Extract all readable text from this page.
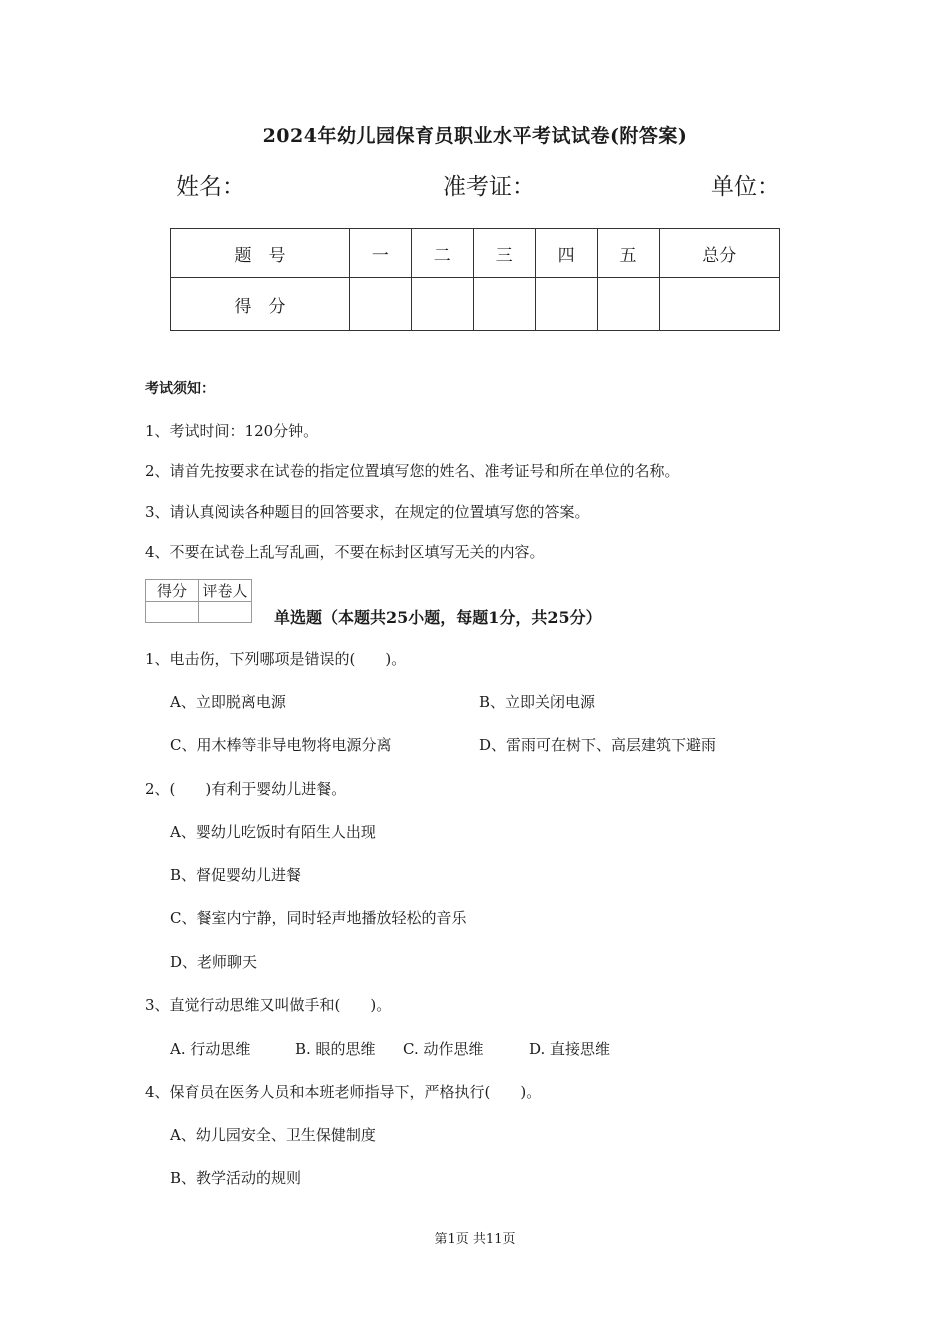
2024年幼儿园保育员职业水平考试试卷(附答案)
姓名：	准考证：	单位：
题　号	一	二	三	四	五	总分
得　分						
考试须知：
1、考试时间：120分钟。
2、请首先按要求在试卷的指定位置填写您的姓名、准考证号和所在单位的名称。
3、请认真阅读各种题目的回答要求，在规定的位置填写您的答案。
4、不要在试卷上乱写乱画，不要在标封区填写无关的内容。
得分	评卷人

单选题（本题共25小题，每题1分，共25分）
1、电击伤，下列哪项是错误的(　　)。
A、立即脱离电源	B、立即关闭电源
C、用木棒等非导电物将电源分离	D、雷雨可在树下、高层建筑下避雨
2、(　　)有利于婴幼儿进餐。
A、婴幼儿吃饭时有陌生人出现
B、督促婴幼儿进餐
C、餐室内宁静，同时轻声地播放轻松的音乐
D、老师聊天
3、直觉行动思维又叫做手和(　　)。
A. 行动思维	B. 眼的思维 C. 动作思维	D. 直接思维
4、保育员在医务人员和本班老师指导下，严格执行(　　)。
A、幼儿园安全、卫生保健制度
B、教学活动的规则
第1页 共11页
